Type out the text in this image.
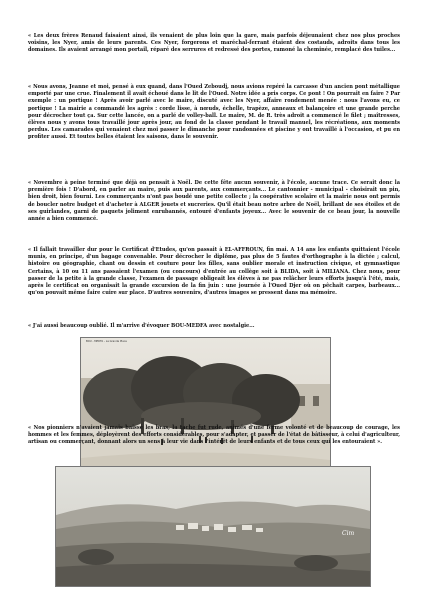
« Les deux frères Renaud faisaient ainsi, ils venaient de plus loin que la gare, mais parfois déjeunaient chez nos plus proches voisins, les Nyer, amis de leurs parents. Ces Nyer, forgerons et maréchal-ferrant étaient des costauds, adroits dans tous les domaines. Ils avaient arrangé mon portail, réparé des serrures et redressé des portes, ramoné la cheminée, remplacé des tuiles...

« Nous avons, Jeanne et moi, pensé à eux quand, dans l'Oued Zeboudj, nous avions repéré la carcasse d'un ancien pont métallique emporté par une crue. Finalement il avait échoué dans le lit de l'Oued. Notre idée a pris corps. Ce pont ! On pourrait en faire ? Par exemple : un portique ! Après avoir parlé avec le maire, discuté avec les Nyer, affaire rondement menée : nous l'avons eu, ce portique ! La mairie a commandé les agrès : corde lisse, à nœuds, échelle, trapèze, anneaux et balançoire et une grande perche pour décrocher tout ça. Sur cette lancée, on a parlé de volley-ball. Le maire, M. de R. très adroit a commencé le filet ; maîtresses, élèves nous y avons tous travaillé jour après jour, au fond de la classe pendant le travail manuel, les récréations, aux moments perdus. Les camarades qui venaient chez moi passer le dimanche pour randonnées et piscine y ont travaillé à l'occasion, et pu en profiter aussi. Et toutes belles étaient les saisons, dans le souvenir.

« Novembre à peine terminé que déjà on pensait à Noël. De cette fête aucun souvenir, à l'école, aucune trace. Ce serait donc la première fois ! D'abord, en parler au maire, puis aux parents, aux commerçants... Le cantonnier - municipal - choisirait un pin, bien droit, bien fourni. Les commerçants n'ont pas boudé une petite collecte ; la coopérative scolaire et la mairie nous ont permis de boucler notre budget et d'acheter à ALGER jouets et sucreries. Qu'il était beau notre arbre de Noël, brillant de ses étoiles et de ses guirlandes, garni de paquets joliment enrubannés, entouré d'enfants joyeux... Avec le souvenir de ce beau jour, la nouvelle année a bien commencé.

« Il fallait travailler dur pour le Certificat d'Etudes, qu'on passait à EL-AFFROUN, fin mai. A 14 ans les enfants quittaient l'école munis, en principe, d'un bagage convenable. Pour décrocher le diplôme, pas plus de 5 fautes d'orthographe à la dictée ; calcul, histoire ou géographie, chant ou dessin et couture pour les filles, sans oublier morale et instruction civique, et gymnastique Certains, à 10 ou 11 ans passaient l'examen (ou concours) d'entrée au collège soit à BLIDA, soit à MILIANA. Chez nous, pour passer de la petite à la grande classe, l'examen de passage obligeait les élèves à ne pas relâcher leurs efforts jusqu'à l'été, mais, après le certificat on organisait la grande excursion de la fin juin : une journée à l'Oued Djer où on pêchait carpes, barbeaux... qu'on pouvait même faire cuire sur place. D'autres souvenirs, d'autres images se pressent dans ma mémoire.

« J'ai aussi beaucoup oublié. Il m'arrive d'évoquer BOU-MEDFA avec nostalgie...

BOU - MEDFA - La Grande Place

« Nos pionniers n'avaient jamais baissé les bras, la tache fut rude, animés d'une ferme volonté et de beaucoup de courage, les hommes et les femmes, déployèrent des efforts considérables, pour s'adapter, et passer de l'état de bâtisseur, à celui d'agriculteur, artisan ou commerçant, donnant alors un sens à leur vie dans l'intérêt de leurs enfants et de tous ceux qui les entouraient ».

Cim
